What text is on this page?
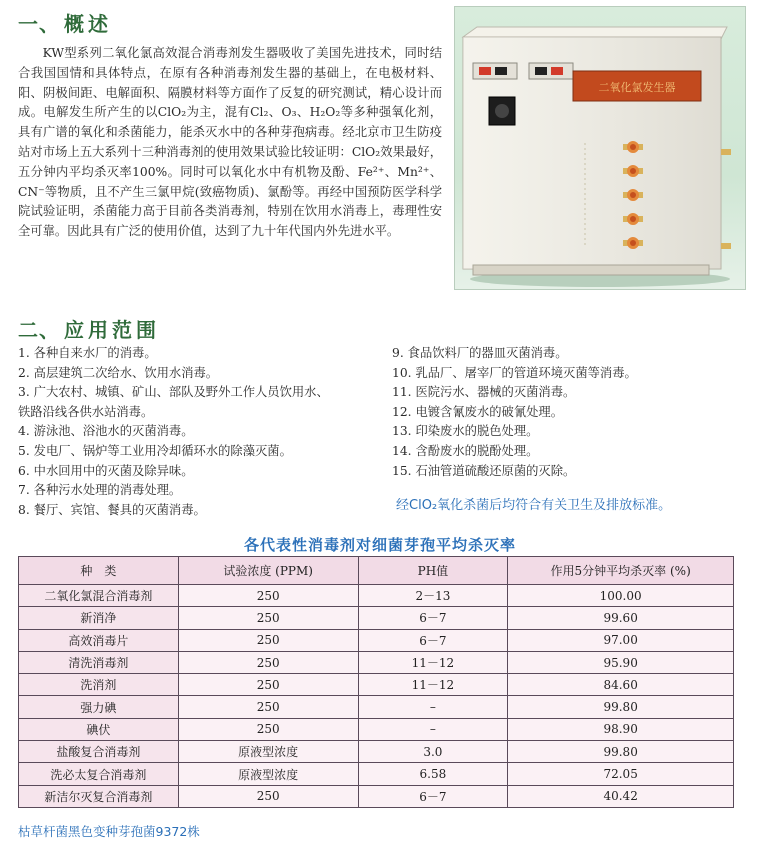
一、 概述

KW型系列二氧化氯高效混合消毒剂发生器吸收了美国先进技术，同时结合我国国情和具体特点，在原有各种消毒剂发生器的基础上，在电极材料、阳、阴极间距、电解面积、隔膜材料等方面作了反复的研究测试，精心设计而成。电解发生所产生的以ClO₂为主，混有Cl₂、O₃、H₂O₂等多种强氧化剂，具有广谱的氧化和杀菌能力，能杀灭水中的各种芽孢病毒。经北京市卫生防疫站对市场上五大系列十三种消毒剂的使用效果试验比较证明：ClO₂效果最好，五分钟内平均杀灭率100%。同时可以氧化水中有机物及酚、Fe²⁺、Mn²⁺、CN⁻等物质，且不产生三氯甲烷(致癌物质)、氯酚等。再经中国预防医学科学院试验证明，杀菌能力高于目前各类消毒剂，特别在饮用水消毒上，毒理性安全可靠。因此具有广泛的使用价值，达到了九十年代国内外先进水平。

二氧化氯发生器
二、 应用范围
1. 各种自来水厂的消毒。
2. 高层建筑二次给水、饮用水消毒。
3. 广大农村、城镇、矿山、部队及野外工作人员饮用水、
铁路沿线各供水站消毒。
4. 游泳池、浴池水的灭菌消毒。
5. 发电厂、锅炉等工业用冷却循环水的除藻灭菌。
6. 中水回用中的灭菌及除异味。
7. 各种污水处理的消毒处理。
8. 餐厅、宾馆、餐具的灭菌消毒。
9. 食品饮料厂的器皿灭菌消毒。
10. 乳品厂、屠宰厂的管道环境灭菌等消毒。
11. 医院污水、器械的灭菌消毒。
12. 电镀含氰废水的破氰处理。
13. 印染废水的脱色处理。
14. 含酚废水的脱酚处理。
15. 石油管道硫酸还原菌的灭除。
经ClO₂氧化杀菌后均符合有关卫生及排放标准。
各代表性消毒剂对细菌芽孢平均杀灭率
种　类	试验浓度 (PPM)	PH值	作用5分钟平均杀灭率 (%)
二氧化氯混合消毒剂	250	2－13	100.00
新消净	250	6－7	99.60
高效消毒片	250	6－7	97.00
清洗消毒剂	250	11－12	95.90
洗消剂	250	11－12	84.60
强力碘	250	–	99.80
碘伏	250	–	98.90
盐酸复合消毒剂	原液型浓度	3.0	99.80
洗必太复合消毒剂	原液型浓度	6.58	72.05
新洁尔灭复合消毒剂	250	6－7	40.42
枯草杆菌黑色变种芽孢菌9372株
